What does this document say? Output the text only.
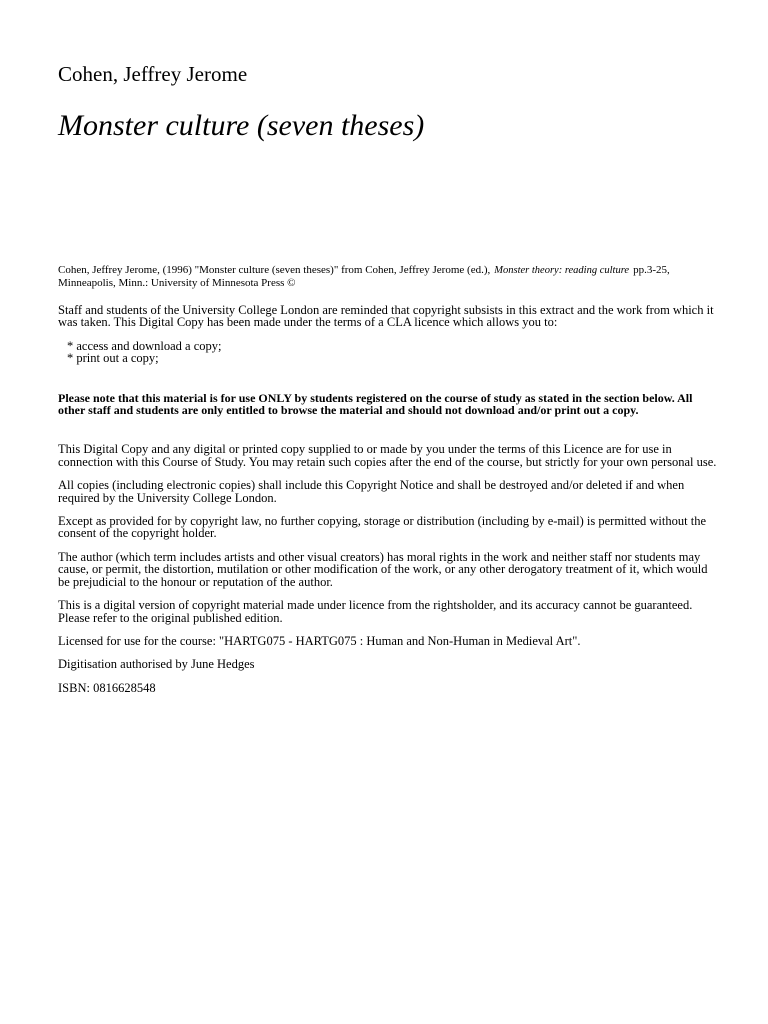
Cohen, Jeffrey Jerome
Monster culture (seven theses)
Cohen, Jeffrey Jerome, (1996) "Monster culture (seven theses)" from Cohen, Jeffrey Jerome (ed.), Monster theory: reading culture pp.3-25, Minneapolis, Minn.: University of Minnesota Press ©
Staff and students of the University College London are reminded that copyright subsists in this extract and the work from which it was taken. This Digital Copy has been made under the terms of a CLA licence which allows you to:
* access and download a copy;
* print out a copy;
Please note that this material is for use ONLY by students registered on the course of study as stated in the section below. All other staff and students are only entitled to browse the material and should not download and/or print out a copy.
This Digital Copy and any digital or printed copy supplied to or made by you under the terms of this Licence are for use in connection with this Course of Study. You may retain such copies after the end of the course, but strictly for your own personal use.
All copies (including electronic copies) shall include this Copyright Notice and shall be destroyed and/or deleted if and when required by the University College London.
Except as provided for by copyright law, no further copying, storage or distribution (including by e-mail) is permitted without the consent of the copyright holder.
The author (which term includes artists and other visual creators) has moral rights in the work and neither staff nor students may cause, or permit, the distortion, mutilation or other modification of the work, or any other derogatory treatment of it, which would be prejudicial to the honour or reputation of the author.
This is a digital version of copyright material made under licence from the rightsholder, and its accuracy cannot be guaranteed. Please refer to the original published edition.
Licensed for use for the course: "HARTG075 - HARTG075 : Human and Non-Human in Medieval Art".
Digitisation authorised by June Hedges
ISBN: 0816628548
